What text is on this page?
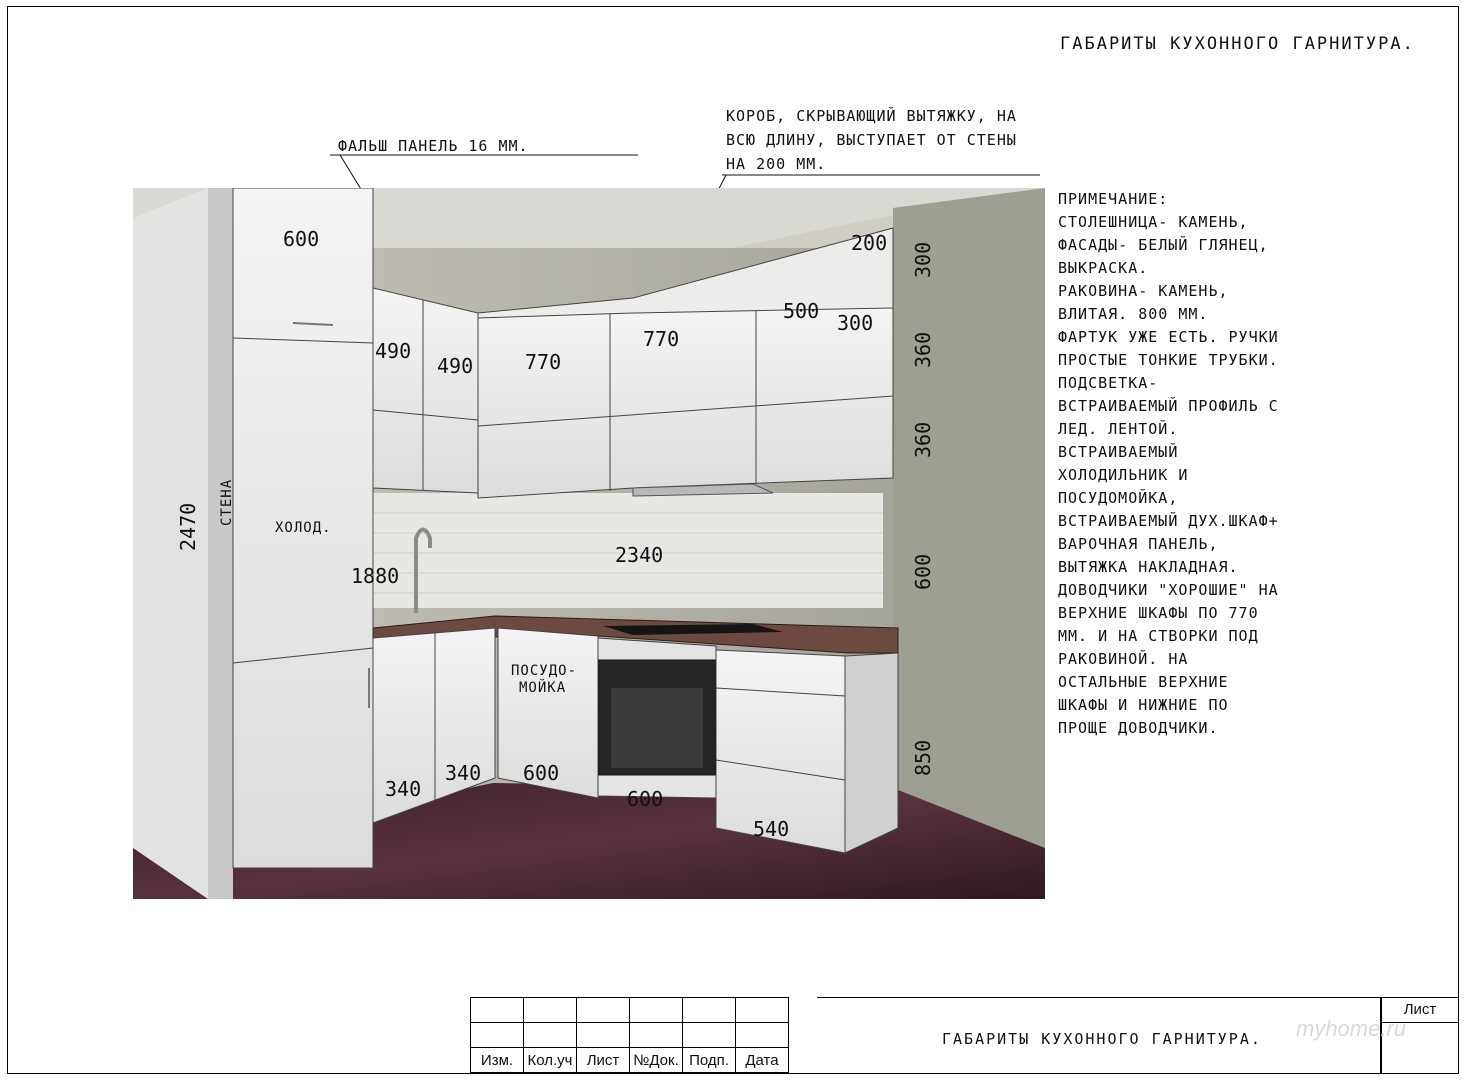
ГАБАРИТЫ КУХОННОГО ГАРНИТУРА.
ФАЛЬШ ПАНЕЛЬ 16 ММ.
КОРОБ, СКРЫВАЮЩИЙ ВЫТЯЖКУ, НА
ВСЮ ДЛИНУ, ВЫСТУПАЕТ ОТ СТЕНЫ
НА 200 ММ.
ПРИМЕЧАНИЕ:
СТОЛЕШНИЦА- КАМЕНЬ,
ФАСАДЫ- БЕЛЫЙ ГЛЯНЕЦ,
ВЫКРАСКА.
РАКОВИНА- КАМЕНЬ,
ВЛИТАЯ. 800 ММ.
ФАРТУК УЖЕ ЕСТЬ. РУЧКИ
ПРОСТЫЕ ТОНКИЕ ТРУБКИ.
ПОДСВЕТКА-
ВСТРАИВАЕМЫЙ ПРОФИЛЬ С
ЛЕД. ЛЕНТОЙ.
ВСТРАИВАЕМЫЙ
ХОЛОДИЛЬНИК И
ПОСУДОМОЙКА,
ВСТРАИВАЕМЫЙ ДУХ.ШКАФ+
ВАРОЧНАЯ ПАНЕЛЬ,
ВЫТЯЖКА НАКЛАДНАЯ.
ДОВОДЧИКИ "ХОРОШИЕ" НА
ВЕРХНИЕ ШКАФЫ ПО 770
ММ. И НА СТВОРКИ ПОД
РАКОВИНОЙ. НА
ОСТАЛЬНЫЕ ВЕРХНИЕ
ШКАФЫ И НИЖНИЕ ПО
ПРОЩЕ ДОВОДЧИКИ.
600
490
490	770
770
500
200
300
300
360
360
600
850
2470
1880
2340
340
340 600
600
540
СТЕНА
ХОЛОД.
ПОСУДО-
МОЙКА

Изм.	Кол.уч	Лист	№Док.	Подп.	Дата
ГАБАРИТЫ КУХОННОГО ГАРНИТУРА.
Лист
myhome.ru
